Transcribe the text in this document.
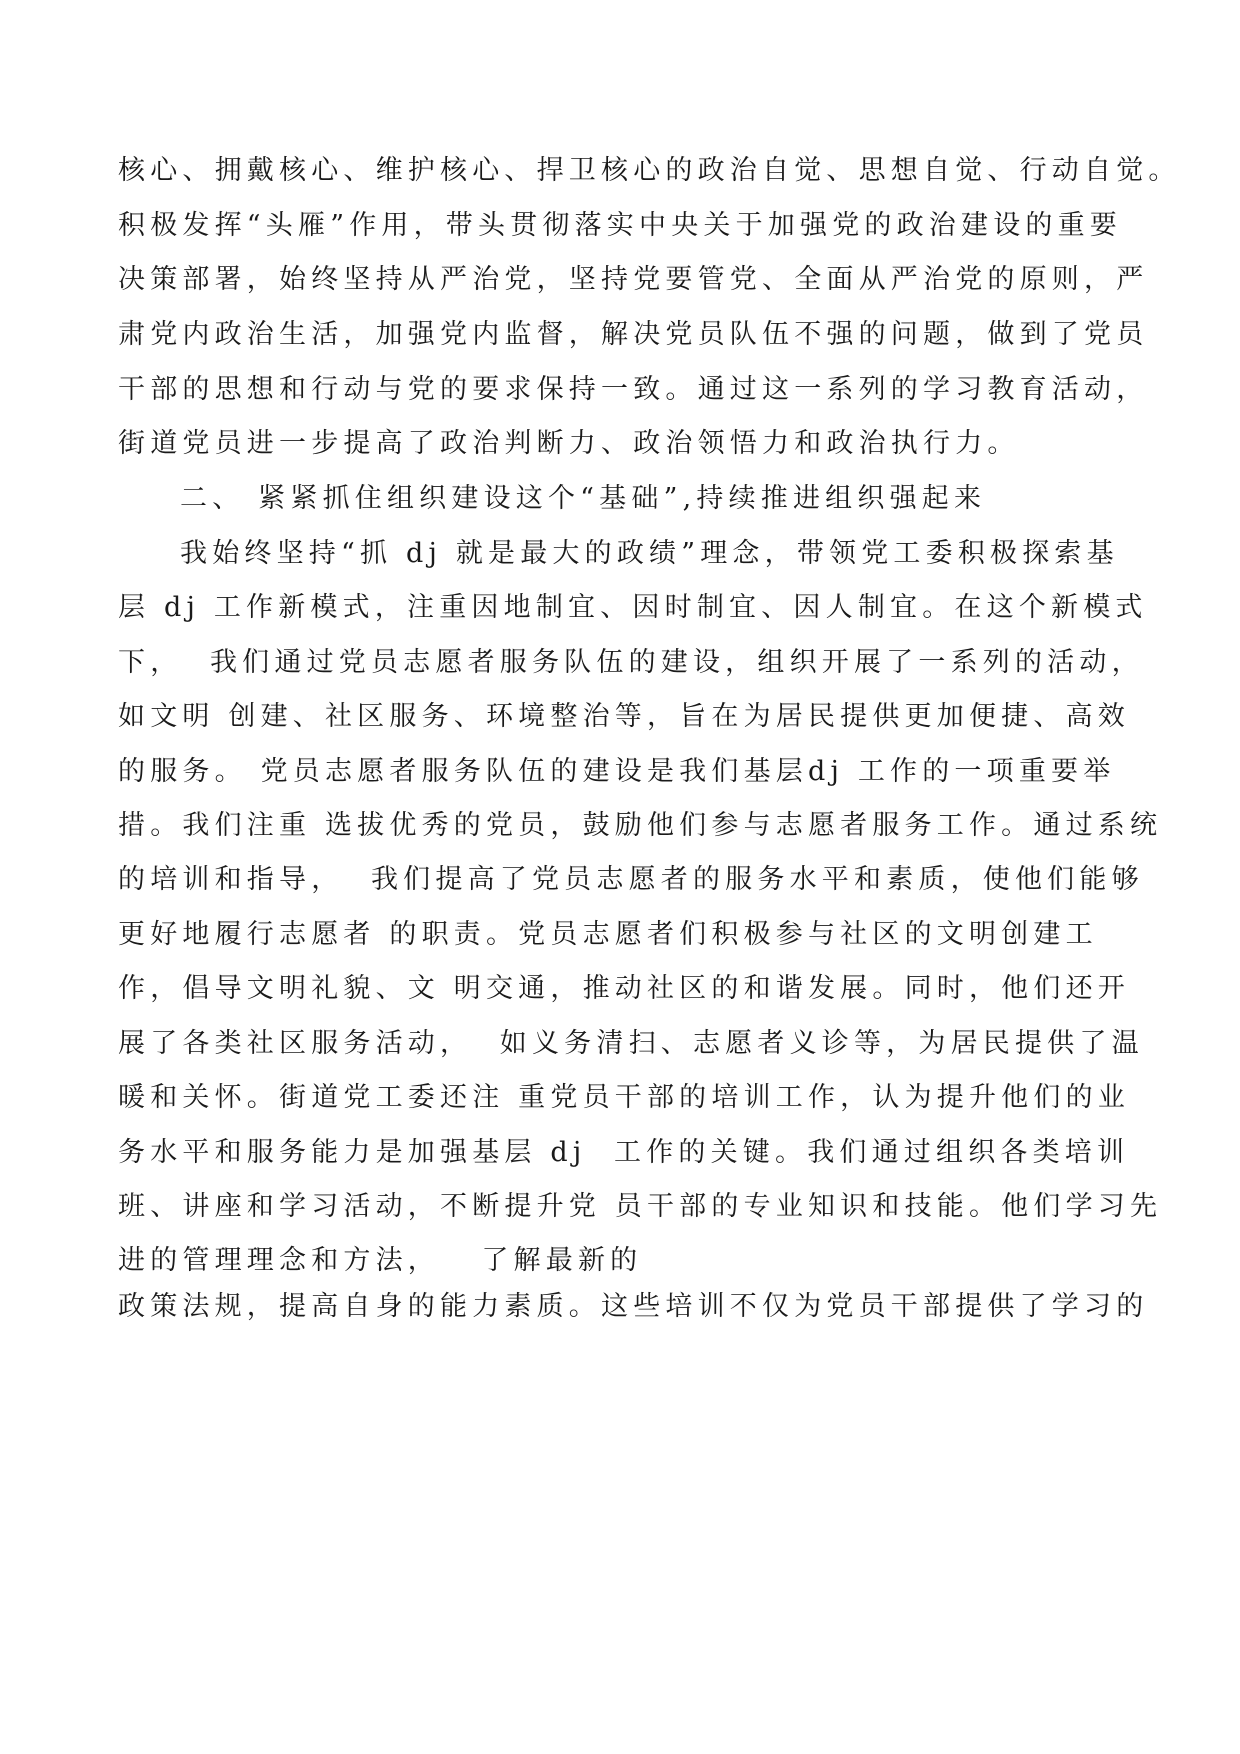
核心、拥戴核心、维护核心、捍卫核心的政治自觉、思想自觉、行动自觉。
积极发挥“头雁”作用，带头贯彻落实中央关于加强党的政治建设的重要
决策部署，始终坚持从严治党，坚持党要管党、全面从严治党的原则，严
肃党内政治生活，加强党内监督，解决党员队伍不强的问题，做到了党员
干部的思想和行动与党的要求保持一致。通过这一系列的学习教育活动，
街道党员进一步提高了政治判断力、政治领悟力和政治执行力。
二、 紧紧抓住组织建设这个“基础”,持续推进组织强起来
我始终坚持“抓 dj 就是最大的政绩”理念，带领党工委积极探索基
层 dj 工作新模式，注重因地制宜、因时制宜、因人制宜。在这个新模式
下，  我们通过党员志愿者服务队伍的建设，组织开展了一系列的活动，
如文明 创建、社区服务、环境整治等，旨在为居民提供更加便捷、高效
的服务。 党员志愿者服务队伍的建设是我们基层dj 工作的一项重要举
措。我们注重 选拔优秀的党员，鼓励他们参与志愿者服务工作。通过系统
的培训和指导，  我们提高了党员志愿者的服务水平和素质，使他们能够
更好地履行志愿者 的职责。党员志愿者们积极参与社区的文明创建工
作，倡导文明礼貌、文 明交通，推动社区的和谐发展。同时，他们还开
展了各类社区服务活动，  如义务清扫、志愿者义诊等，为居民提供了温
暖和关怀。街道党工委还注 重党员干部的培训工作，认为提升他们的业
务水平和服务能力是加强基层 dj  工作的关键。我们通过组织各类培训
班、讲座和学习活动，不断提升党 员干部的专业知识和技能。他们学习先
进的管理理念和方法，   了解最新的
政策法规，提高自身的能力素质。这些培训不仅为党员干部提供了学习的
